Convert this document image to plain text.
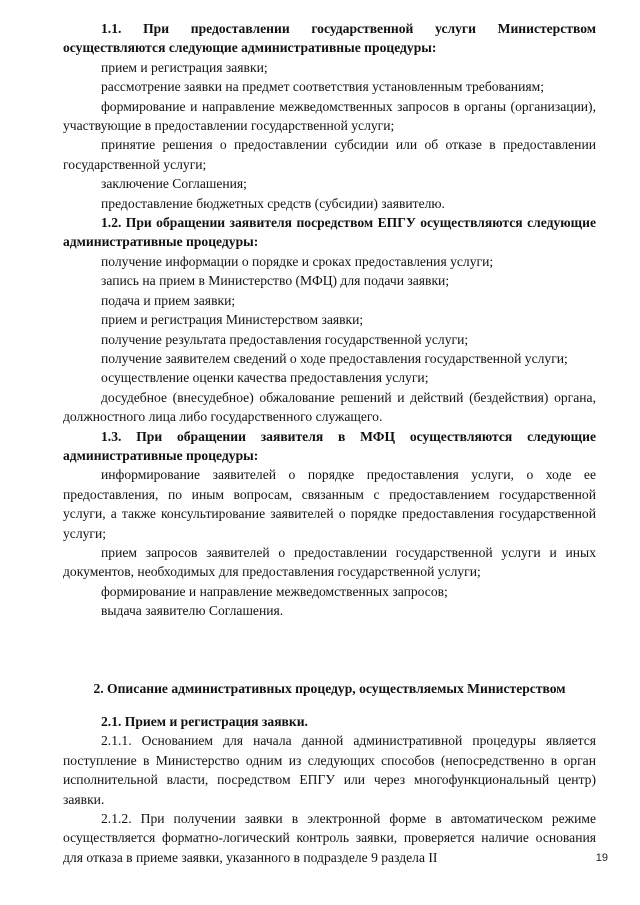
1.1. При предоставлении государственной услуги Министерством осуществляются следующие административные процедуры:

прием и регистрация заявки;

рассмотрение заявки на предмет соответствия установленным требованиям;

формирование и направление межведомственных запросов в органы (организации), участвующие в предоставлении государственной услуги;

принятие решения о предоставлении субсидии или об отказе в предоставлении государственной услуги;

заключение Соглашения;

предоставление бюджетных средств (субсидии) заявителю.

1.2. При обращении заявителя посредством ЕПГУ осуществляются следующие административные процедуры:

получение информации о порядке и сроках предоставления услуги;

запись на прием в Министерство (МФЦ) для подачи заявки;

подача и прием заявки;

прием и регистрация Министерством заявки;

получение результата предоставления государственной услуги;

получение заявителем сведений о ходе предоставления государственной услуги;

осуществление оценки качества предоставления услуги;

досудебное (внесудебное) обжалование решений и действий (бездействия) органа, должностного лица либо государственного служащего.

1.3. При обращении заявителя в МФЦ осуществляются следующие административные процедуры:

информирование заявителей о порядке предоставления услуги, о ходе ее предоставления, по иным вопросам, связанным с предоставлением государственной услуги, а также консультирование заявителей о порядке предоставления государственной услуги;

прием запросов заявителей о предоставлении государственной услуги и иных документов, необходимых для предоставления государственной услуги;

формирование и направление межведомственных запросов;

выдача заявителю Соглашения.

2. Описание административных процедур, осуществляемых Министерством

2.1. Прием и регистрация заявки.

2.1.1. Основанием для начала данной административной процедуры является поступление в Министерство одним из следующих способов (непосредственно в орган исполнительной власти, посредством ЕПГУ или через многофункциональный центр) заявки.

2.1.2. При получении заявки в электронной форме в автоматическом режиме осуществляется форматно-логический контроль заявки, проверяется наличие основания для отказа в приеме заявки, указанного в подразделе 9 раздела II	19
